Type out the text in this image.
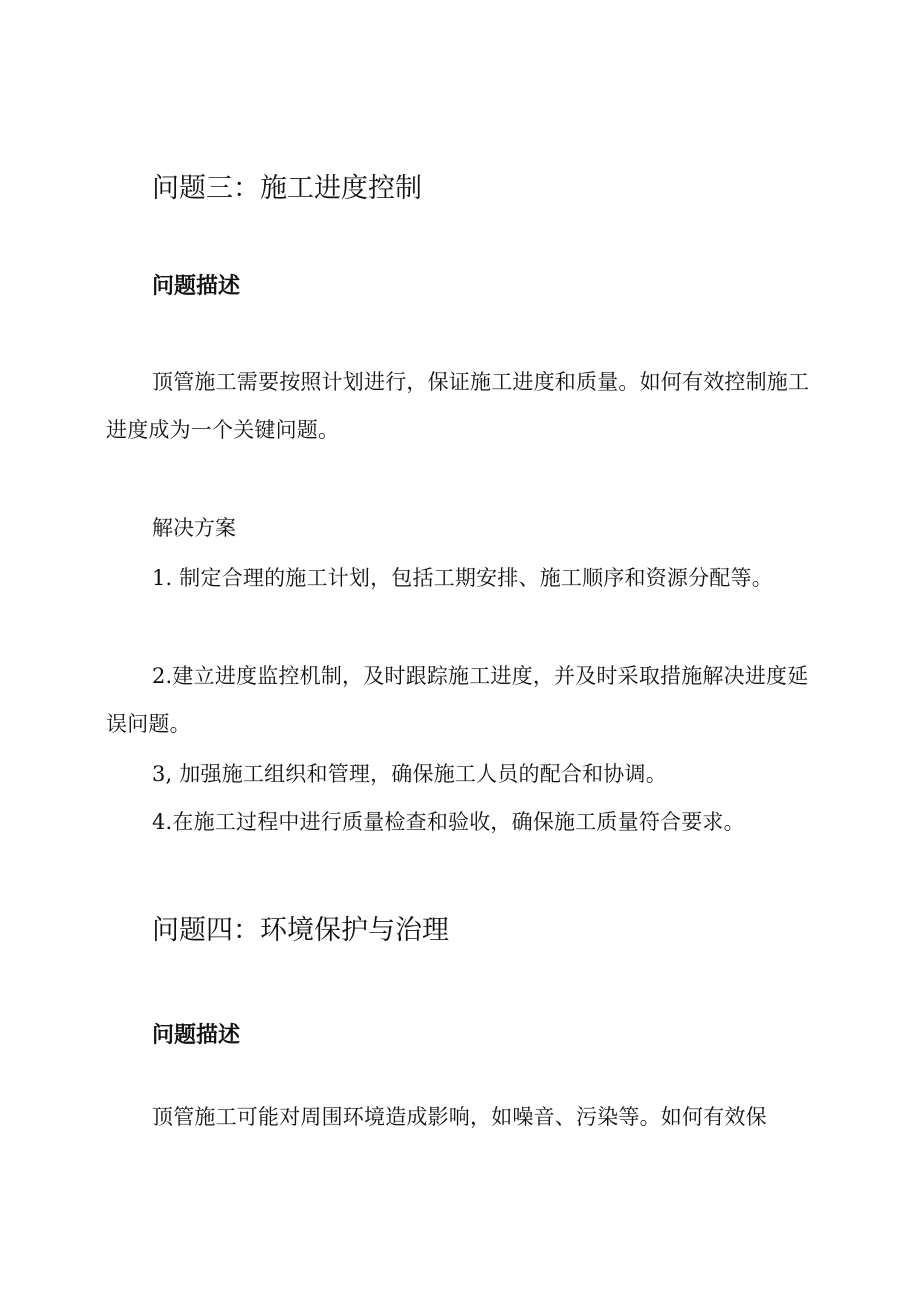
问题三：施工进度控制
问题描述

顶管施工需要按照计划进行，保证施工进度和质量。如何有效控制施工进度成为一个关键问题。

解决方案

1. 制定合理的施工计划，包括工期安排、施工顺序和资源分配等。

2.建立进度监控机制，及时跟踪施工进度，并及时采取措施解决进度延误问题。

3, 加强施工组织和管理，确保施工人员的配合和协调。

4.在施工过程中进行质量检查和验收，确保施工质量符合要求。

问题四：环境保护与治理
问题描述

顶管施工可能对周围环境造成影响，如噪音、污染等。如何有效保
